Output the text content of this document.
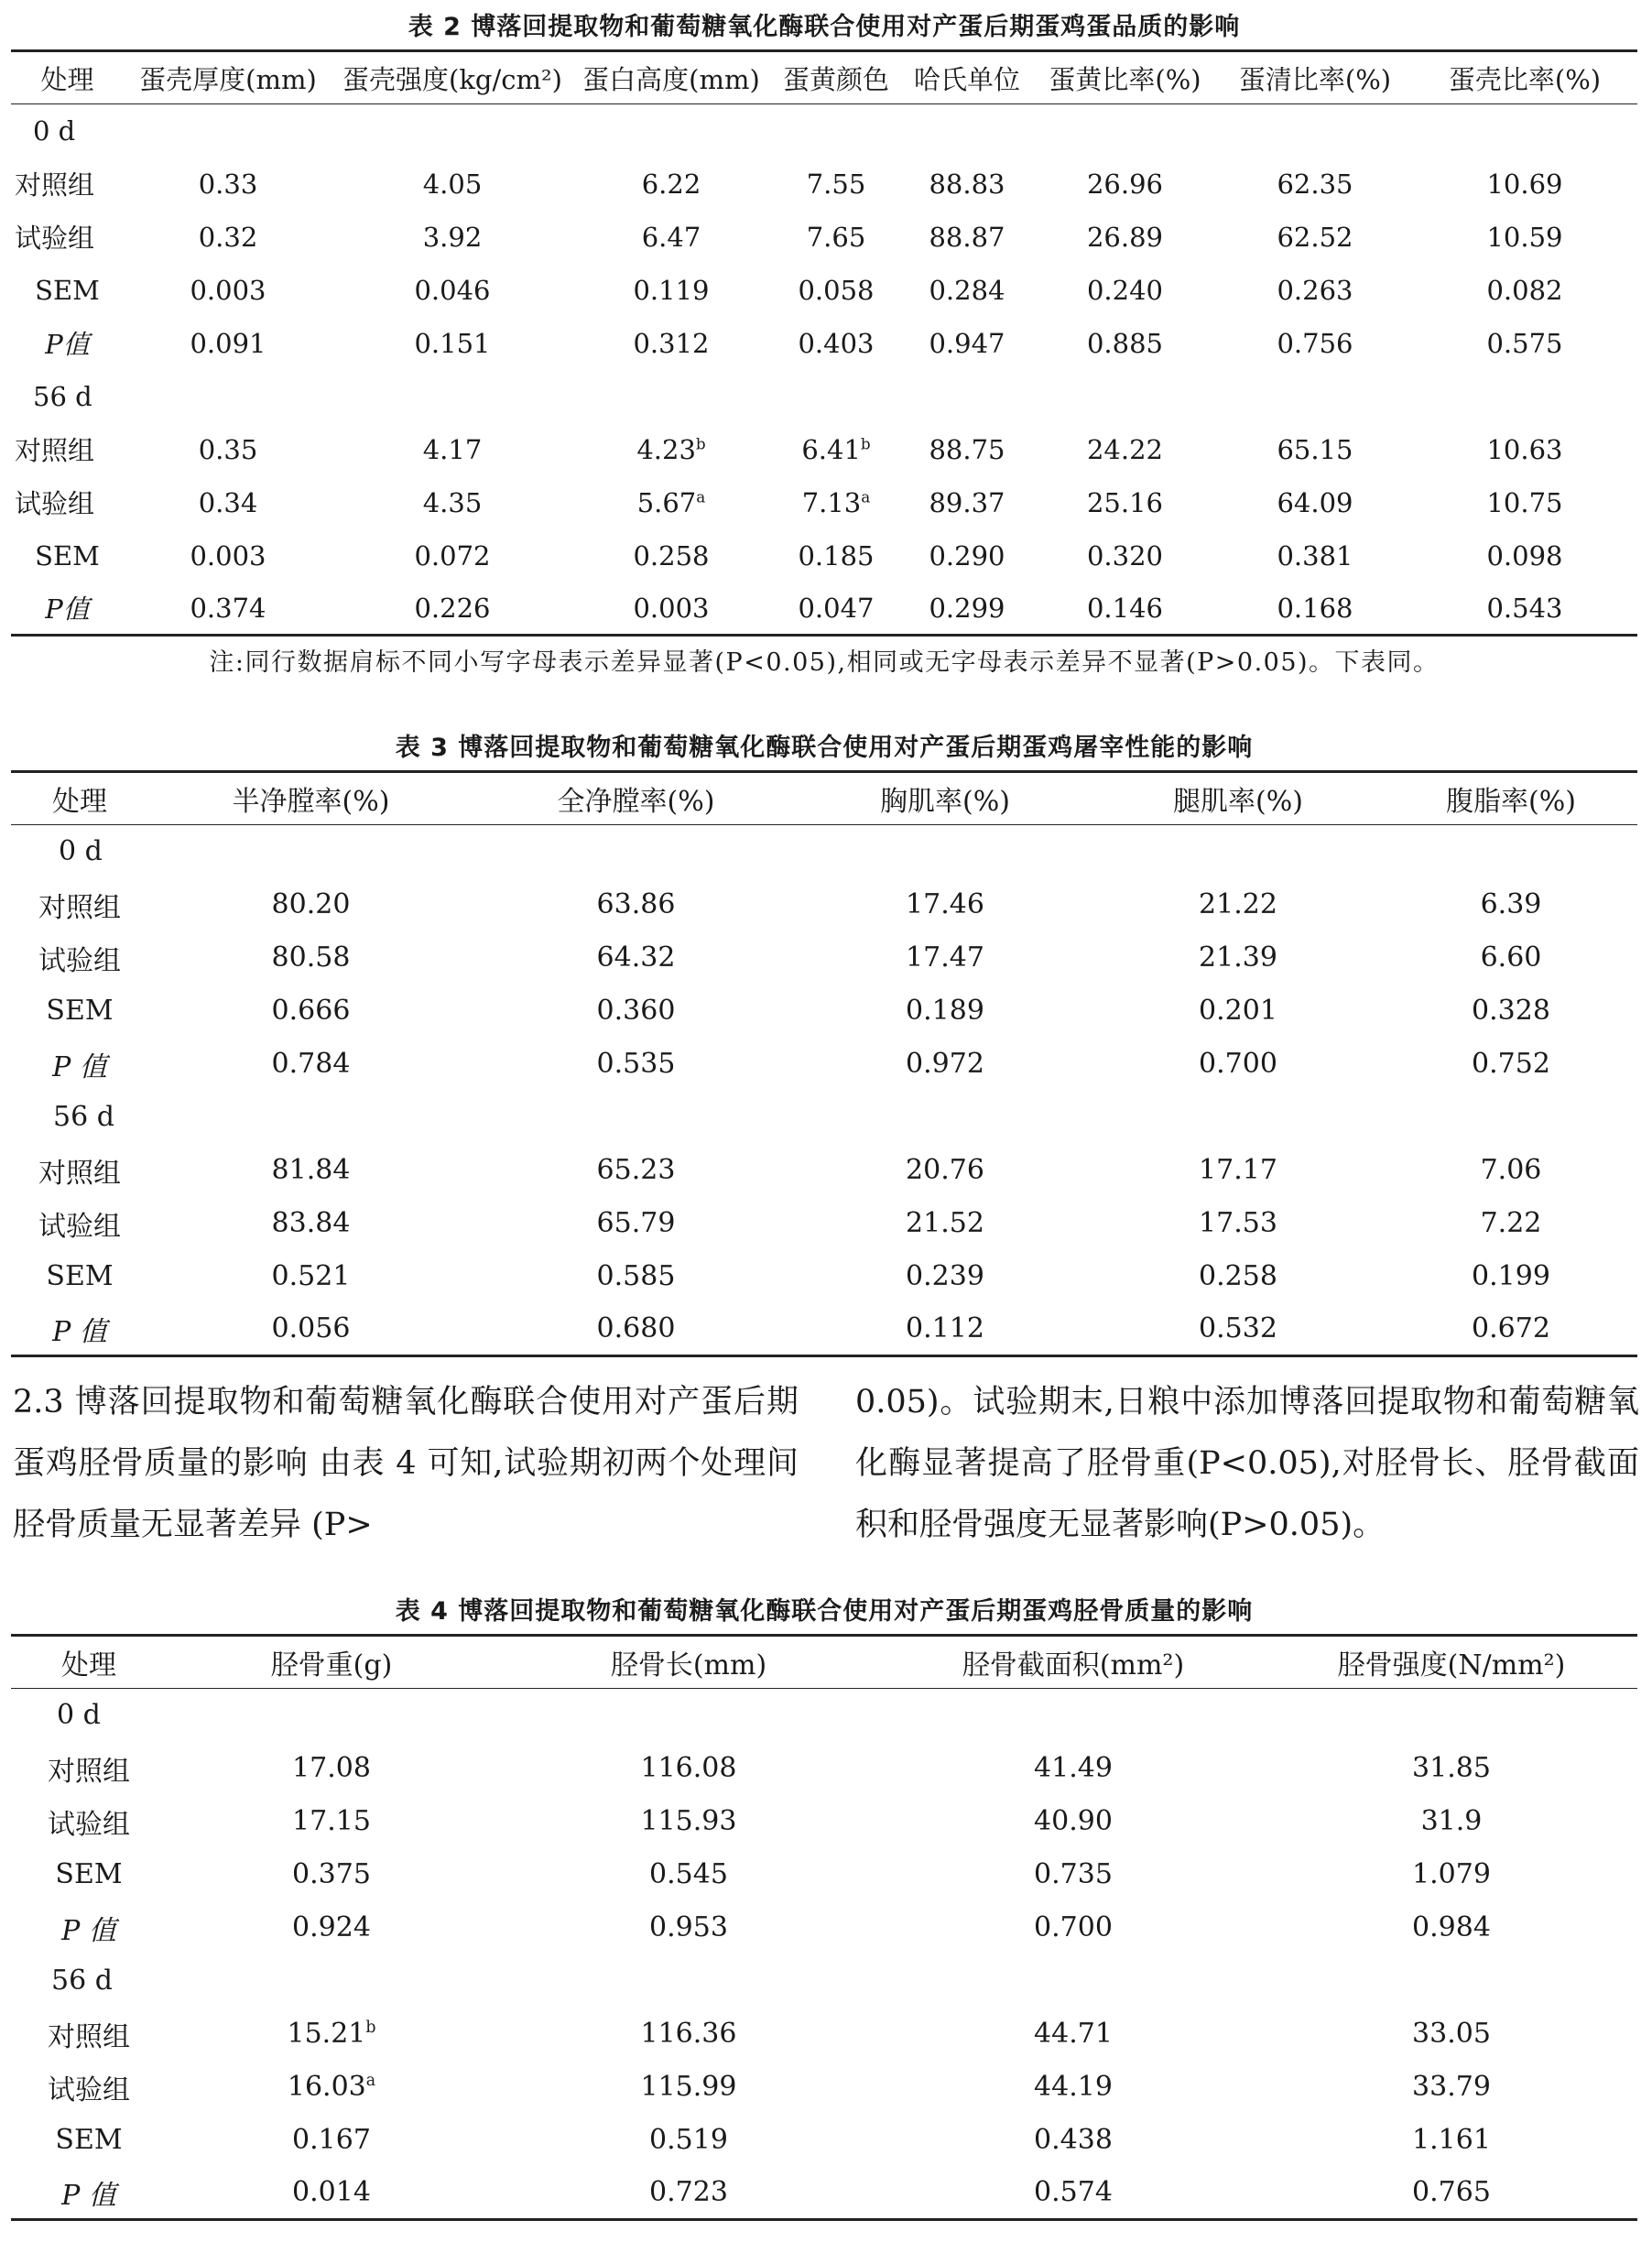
表 2 博落回提取物和葡萄糖氧化酶联合使用对产蛋后期蛋鸡蛋品质的影响
处理	蛋壳厚度(mm)	蛋壳强度(kg/cm²)	蛋白高度(mm)	蛋黄颜色	哈氏单位	蛋黄比率(%)	蛋清比率(%)	蛋壳比率(%)
0 d								
对照组	0.33	4.05	6.22	7.55	88.83	26.96	62.35	10.69
试验组	0.32	3.92	6.47	7.65	88.87	26.89	62.52	10.59
SEM	0.003	0.046	0.119	0.058	0.284	0.240	0.263	0.082
P值	0.091	0.151	0.312	0.403	0.947	0.885	0.756	0.575
56 d								
对照组	0.35	4.17	4.23$^b$	6.41$^b$	88.75	24.22	65.15	10.63
试验组	0.34	4.35	5.67$^a$	7.13$^a$	89.37	25.16	64.09	10.75
SEM	0.003	0.072	0.258	0.185	0.290	0.320	0.381	0.098
P值	0.374	0.226	0.003	0.047	0.299	0.146	0.168	0.543
注:同行数据肩标不同小写字母表示差异显著(P<0.05),相同或无字母表示差异不显著(P>0.05)。下表同。
表 3 博落回提取物和葡萄糖氧化酶联合使用对产蛋后期蛋鸡屠宰性能的影响
处理	半净膛率(%)	全净膛率(%)	胸肌率(%)	腿肌率(%)	腹脂率(%)
0 d					
对照组	80.20	63.86	17.46	21.22	6.39
试验组	80.58	64.32	17.47	21.39	6.60
SEM	0.666	0.360	0.189	0.201	0.328
P 值	0.784	0.535	0.972	0.700	0.752
56 d					
对照组	81.84	65.23	20.76	17.17	7.06
试验组	83.84	65.79	21.52	17.53	7.22
SEM	0.521	0.585	0.239	0.258	0.199
P 值	0.056	0.680	0.112	0.532	0.672

2.3 博落回提取物和葡萄糖氧化酶联合使用对产蛋后期蛋鸡胫骨质量的影响 由表 4 可知,试验期初两个处理间胫骨质量无显著差异 (P>

0.05)。试验期末,日粮中添加博落回提取物和葡萄糖氧化酶显著提高了胫骨重(P<0.05),对胫骨长、胫骨截面积和胫骨强度无显著影响(P>0.05)。

表 4 博落回提取物和葡萄糖氧化酶联合使用对产蛋后期蛋鸡胫骨质量的影响
处理	胫骨重(g)	胫骨长(mm)	胫骨截面积(mm²)	胫骨强度(N/mm²)
0 d				
对照组	17.08	116.08	41.49	31.85
试验组	17.15	115.93	40.90	31.9
SEM	0.375	0.545	0.735	1.079
P 值	0.924	0.953	0.700	0.984
56 d				
对照组	15.21$^b$	116.36	44.71	33.05
试验组	16.03$^a$	115.99	44.19	33.79
SEM	0.167	0.519	0.438	1.161
P 值	0.014	0.723	0.574	0.765
